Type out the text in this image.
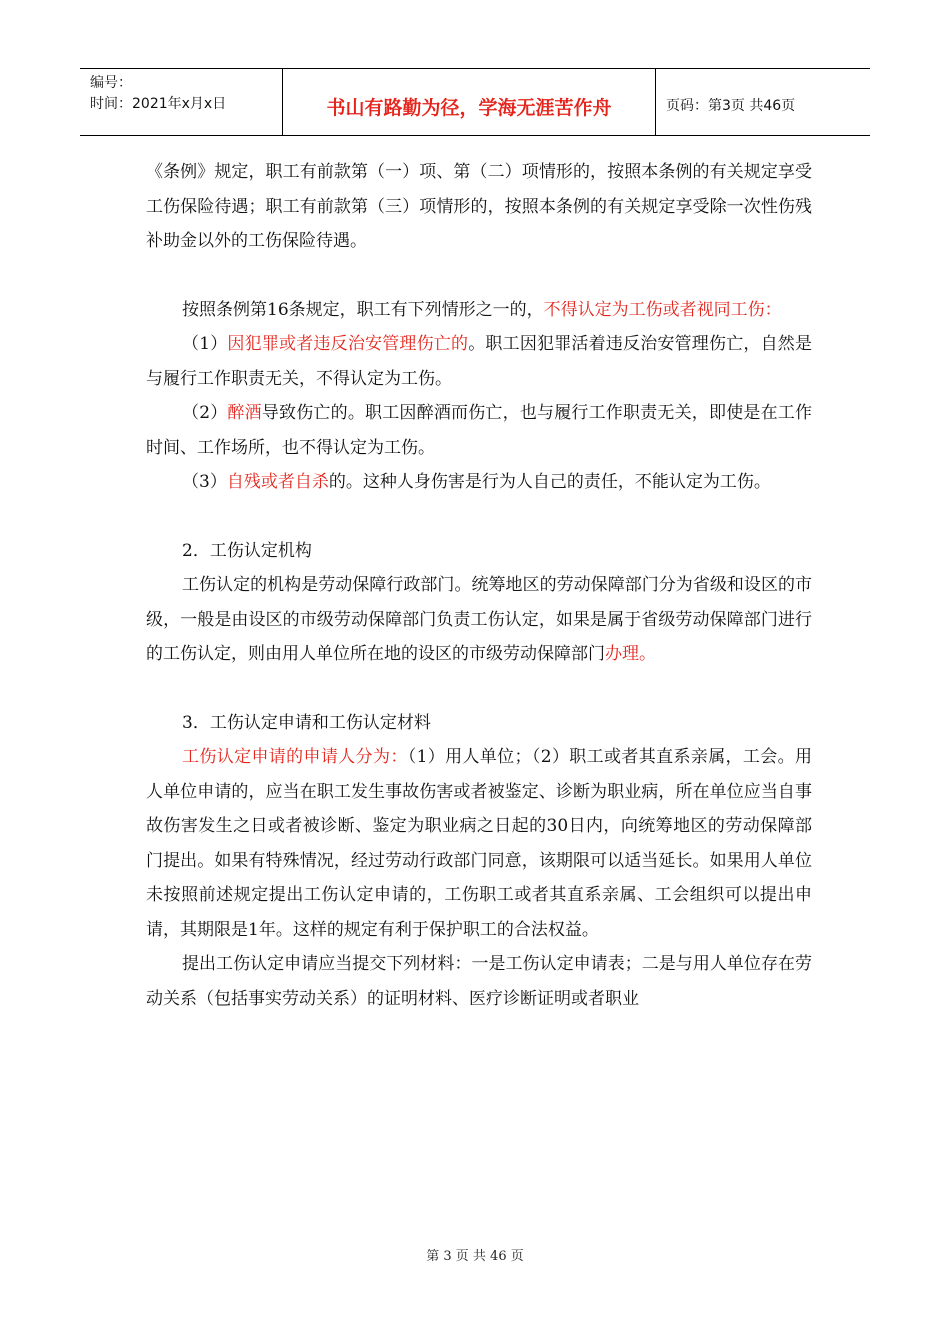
编号：
时间：2021年x月x日	书山有路勤为径，学海无涯苦作舟	页码：第3页 共46页

《条例》规定，职工有前款第（一）项、第（二）项情形的，按照本条例的有关规定享受工伤保险待遇；职工有前款第（三）项情形的，按照本条例的有关规定享受除一次性伤残补助金以外的工伤保险待遇。

按照条例第16条规定，职工有下列情形之一的，不得认定为工伤或者视同工伤：

（1）因犯罪或者违反治安管理伤亡的。职工因犯罪活着违反治安管理伤亡，自然是与履行工作职责无关，不得认定为工伤。

（2）醉酒导致伤亡的。职工因醉酒而伤亡，也与履行工作职责无关，即使是在工作时间、工作场所，也不得认定为工伤。

（3）自残或者自杀的。这种人身伤害是行为人自己的责任，不能认定为工伤。

2．工伤认定机构

工伤认定的机构是劳动保障行政部门。统筹地区的劳动保障部门分为省级和设区的市级，一般是由设区的市级劳动保障部门负责工伤认定，如果是属于省级劳动保障部门进行的工伤认定，则由用人单位所在地的设区的市级劳动保障部门办理。

3．工伤认定申请和工伤认定材料

工伤认定申请的申请人分为：（1）用人单位；（2）职工或者其直系亲属，工会。用人单位申请的，应当在职工发生事故伤害或者被鉴定、诊断为职业病，所在单位应当自事故伤害发生之日或者被诊断、鉴定为职业病之日起的30日内，向统筹地区的劳动保障部门提出。如果有特殊情况，经过劳动行政部门同意，该期限可以适当延长。如果用人单位未按照前述规定提出工伤认定申请的，工伤职工或者其直系亲属、工会组织可以提出申请，其期限是1年。这样的规定有利于保护职工的合法权益。

提出工伤认定申请应当提交下列材料：一是工伤认定申请表；二是与用人单位存在劳动关系（包括事实劳动关系）的证明材料、医疗诊断证明或者职业

第 3 页 共 46 页
